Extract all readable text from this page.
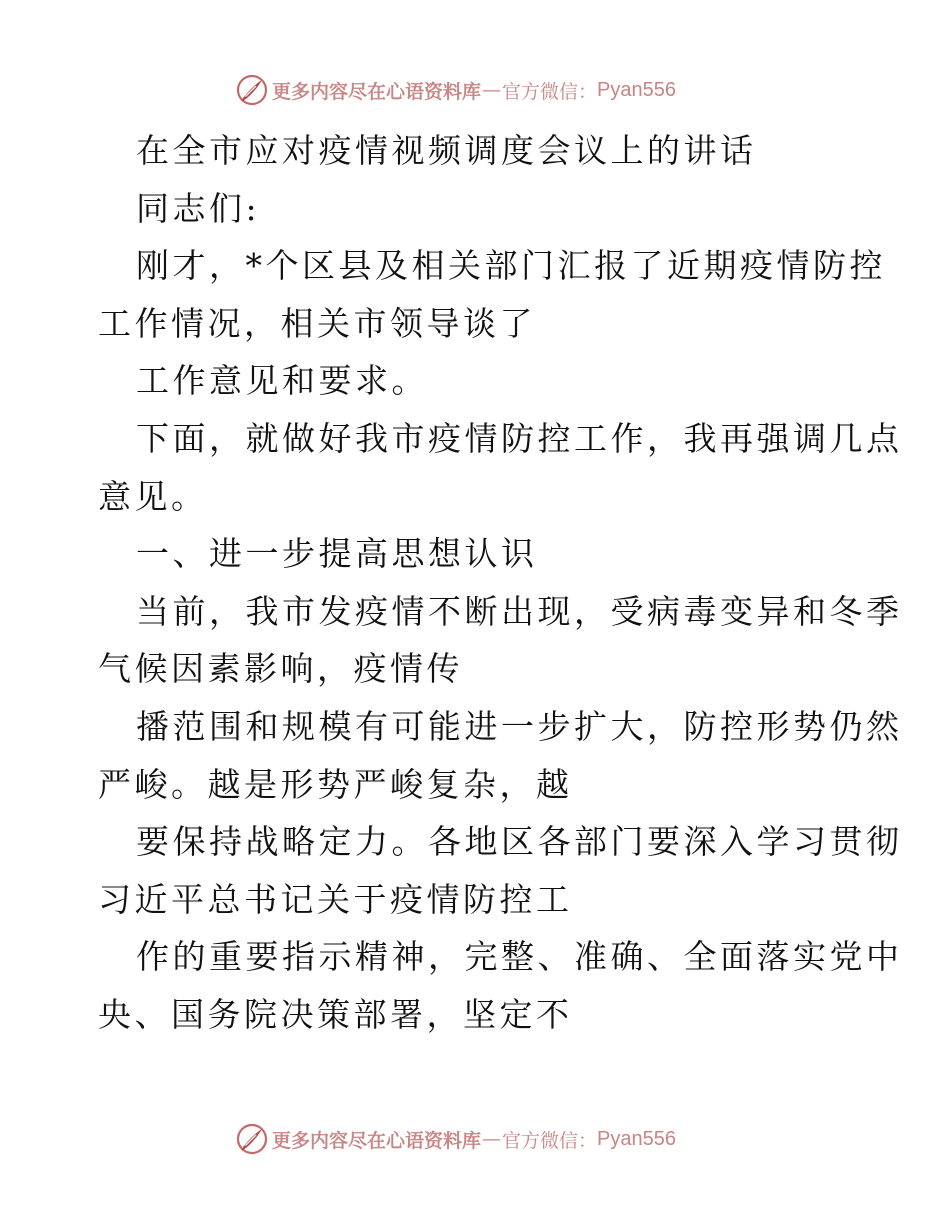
更多内容尽在心语资料库 — 官方微信： Pyan556
在全市应对疫情视频调度会议上的讲话
同志们:
刚才，*个区县及相关部门汇报了近期疫情防控
工作情况，相关市领导谈了
工作意见和要求。
下面，就做好我市疫情防控工作，我再强调几点
意见。
一、进一步提高思想认识
当前，我市发疫情不断出现，受病毒变异和冬季
气候因素影响，疫情传
播范围和规模有可能进一步扩大，防控形势仍然
严峻。越是形势严峻复杂，越
要保持战略定力。各地区各部门要深入学习贯彻
习近平总书记关于疫情防控工
作的重要指示精神，完整、准确、全面落实党中
央、国务院决策部署，坚定不
更多内容尽在心语资料库 — 官方微信： Pyan556
